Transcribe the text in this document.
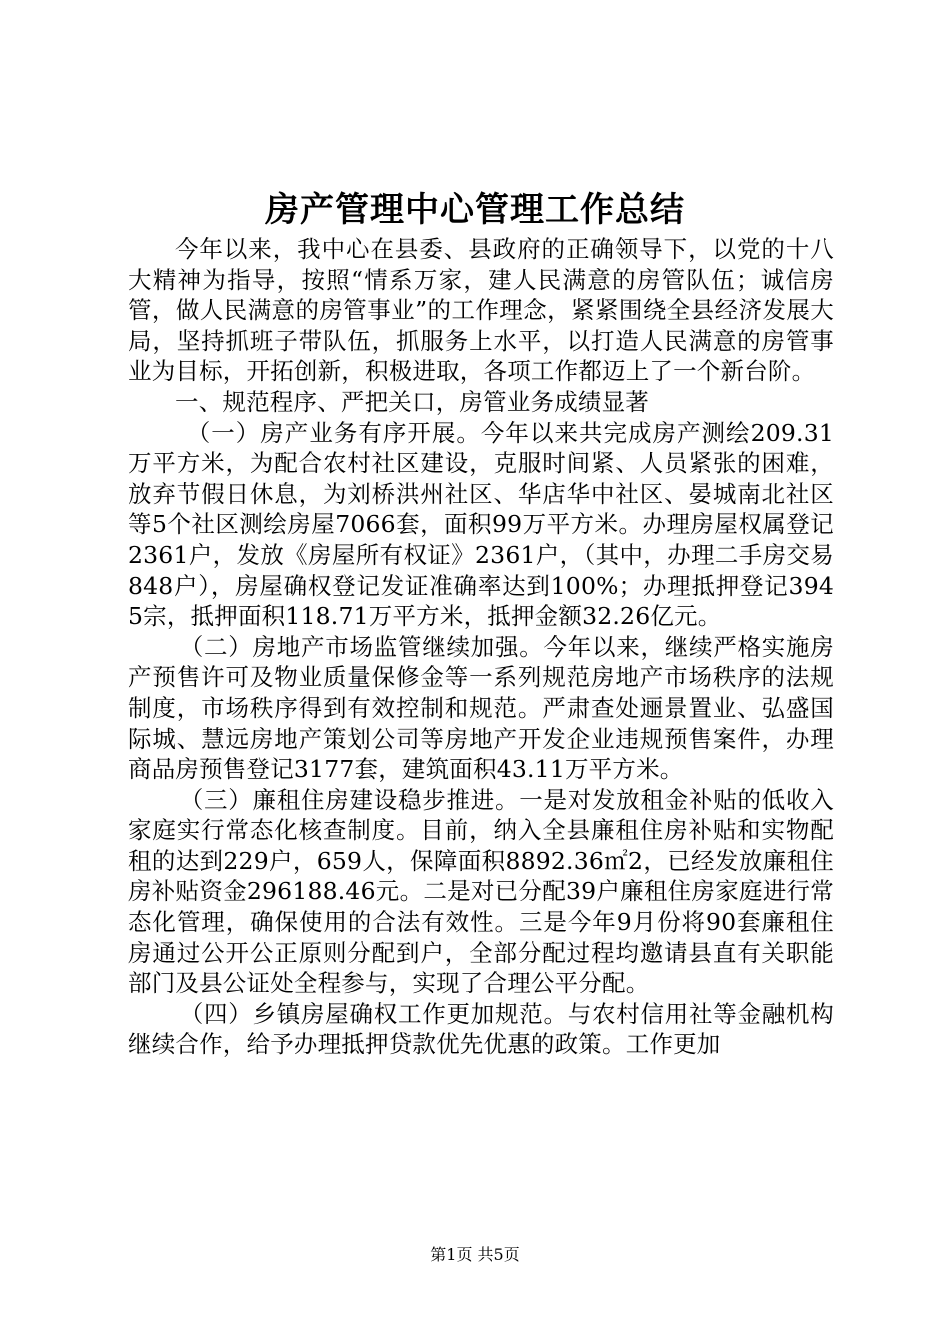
房产管理中心管理工作总结

今年以来，我中心在县委、县政府的正确领导下，以党的十八大精神为指导，按照“情系万家，建人民满意的房管队伍；诚信房管，做人民满意的房管事业”的工作理念，紧紧围绕全县经济发展大局，坚持抓班子带队伍，抓服务上水平，以打造人民满意的房管事业为目标，开拓创新，积极进取，各项工作都迈上了一个新台阶。

一、规范程序、严把关口，房管业务成绩显著

（一）房产业务有序开展。今年以来共完成房产测绘209.31万平方米，为配合农村社区建设，克服时间紧、人员紧张的困难，放弃节假日休息，为刘桥洪州社区、华店华中社区、晏城南北社区等5个社区测绘房屋7066套，面积99万平方米。办理房屋权属登记2361户，发放《房屋所有权证》2361户，（其中，办理二手房交易848户），房屋确权登记发证准确率达到100%；办理抵押登记3945宗，抵押面积118.71万平方米，抵押金额32.26亿元。

（二）房地产市场监管继续加强。今年以来，继续严格实施房产预售许可及物业质量保修金等一系列规范房地产市场秩序的法规制度，市场秩序得到有效控制和规范。严肃查处逦景置业、弘盛国际城、慧远房地产策划公司等房地产开发企业违规预售案件，办理商品房预售登记3177套，建筑面积43.11万平方米。

（三）廉租住房建设稳步推进。一是对发放租金补贴的低收入家庭实行常态化核查制度。目前，纳入全县廉租住房补贴和实物配租的达到229户，659人，保障面积8892.36㎡2，已经发放廉租住房补贴资金296188.46元。二是对已分配39户廉租住房家庭进行常态化管理，确保使用的合法有效性。三是今年9月份将90套廉租住房通过公开公正原则分配到户，全部分配过程均邀请县直有关职能部门及县公证处全程参与，实现了合理公平分配。

（四）乡镇房屋确权工作更加规范。与农村信用社等金融机构继续合作，给予办理抵押贷款优先优惠的政策。工作更加

第1页 共5页
